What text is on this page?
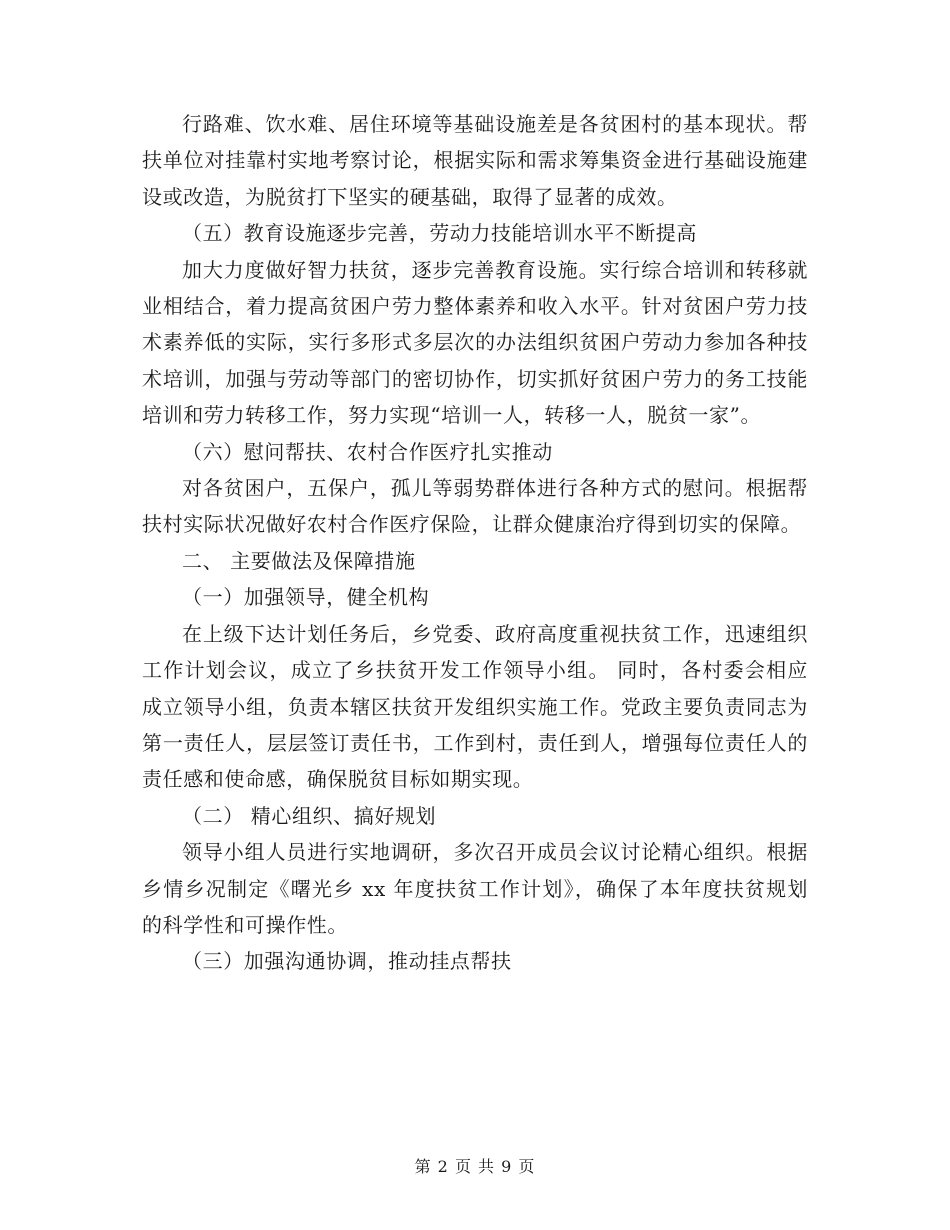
行路难、饮水难、居住环境等基础设施差是各贫困村的基本现状。帮扶单位对挂靠村实地考察讨论，根据实际和需求筹集资金进行基础设施建设或改造，为脱贫打下坚实的硬基础，取得了显著的成效。

（五）教育设施逐步完善，劳动力技能培训水平不断提高

加大力度做好智力扶贫，逐步完善教育设施。实行综合培训和转移就业相结合，着力提高贫困户劳力整体素养和收入水平。针对贫困户劳力技术素养低的实际，实行多形式多层次的办法组织贫困户劳动力参加各种技术培训，加强与劳动等部门的密切协作，切实抓好贫困户劳力的务工技能培训和劳力转移工作，努力实现“培训一人，转移一人，脱贫一家”。

（六）慰问帮扶、农村合作医疗扎实推动

对各贫困户，五保户，孤儿等弱势群体进行各种方式的慰问。根据帮扶村实际状况做好农村合作医疗保险，让群众健康治疗得到切实的保障。

二、 主要做法及保障措施

（一）加强领导，健全机构

在上级下达计划任务后，乡党委、政府高度重视扶贫工作，迅速组织工作计划会议，成立了乡扶贫开发工作领导小组。 同时，各村委会相应成立领导小组，负责本辖区扶贫开发组织实施工作。党政主要负责同志为第一责任人，层层签订责任书，工作到村，责任到人，增强每位责任人的责任感和使命感，确保脱贫目标如期实现。

（二） 精心组织、搞好规划

领导小组人员进行实地调研，多次召开成员会议讨论精心组织。根据乡情乡况制定《曙光乡 xx 年度扶贫工作计划》，确保了本年度扶贫规划的科学性和可操作性。

（三）加强沟通协调，推动挂点帮扶

第 2 页 共 9 页
